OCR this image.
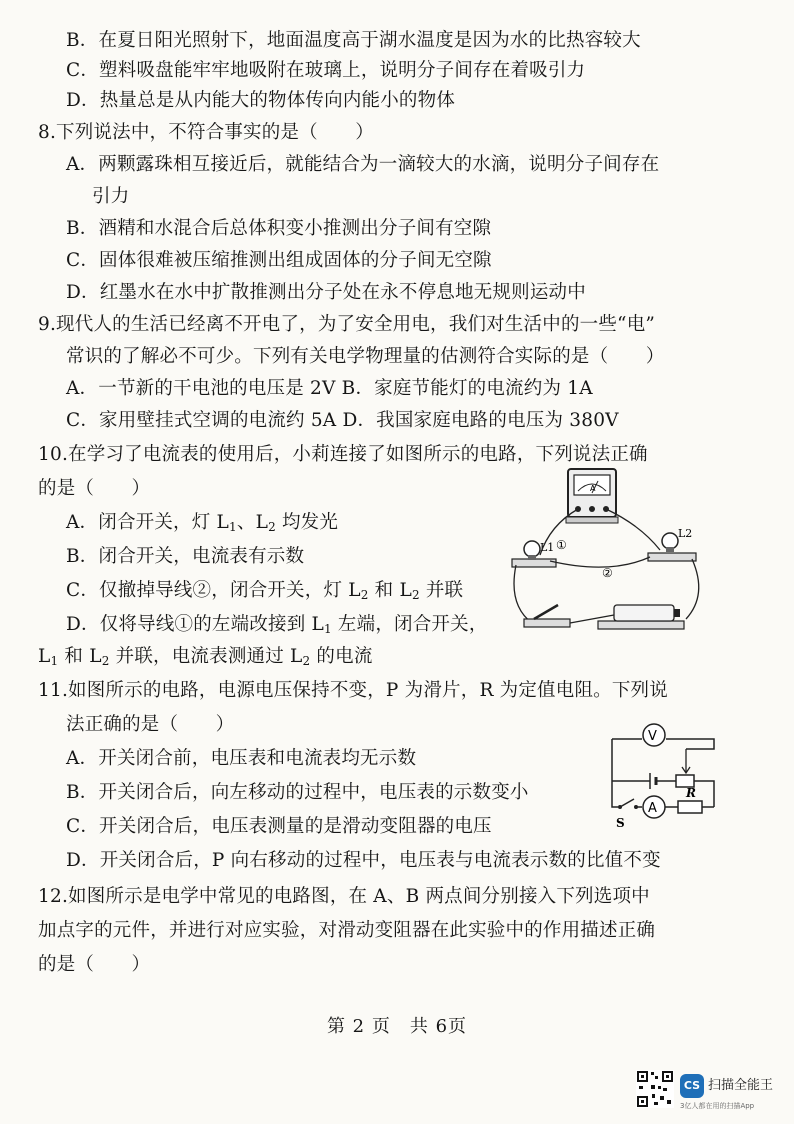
B．在夏日阳光照射下，地面温度高于湖水温度是因为水的比热容较大
C．塑料吸盘能牢牢地吸附在玻璃上，说明分子间存在着吸引力
D．热量总是从内能大的物体传向内能小的物体
8.下列说法中，不符合事实的是（　　）
A．两颗露珠相互接近后，就能结合为一滴较大的水滴，说明分子间存在
引力
B．酒精和水混合后总体积变小推测出分子间有空隙
C．固体很难被压缩推测出组成固体的分子间无空隙
D．红墨水在水中扩散推测出分子处在永不停息地无规则运动中
9.现代人的生活已经离不开电了，为了安全用电，我们对生活中的一些“电”
常识的了解必不可少。下列有关电学物理量的估测符合实际的是（　　）
A．一节新的干电池的电压是 2V B．家庭节能灯的电流约为 1A
C．家用壁挂式空调的电流约 5A D．我国家庭电路的电压为 380V
10.在学习了电流表的使用后，小莉连接了如图所示的电路，下列说法正确
的是（　　）
A．闭合开关，灯 $L_1$、$L_2$ 均发光
B．闭合开关，电流表有示数
C．仅撤掉导线②，闭合开关，灯 $L_2$ 和 $L_2$ 并联
D．仅将导线①的左端改接到 $L_1$ 左端，闭合开关，
$L_1$ 和 $L_2$ 并联，电流表测通过 $L_2$ 的电流
11.如图所示的电路，电源电压保持不变，P 为滑片，R 为定值电阻。下列说
法正确的是（　　）
A．开关闭合前，电压表和电流表均无示数
B．开关闭合后，向左移动的过程中，电压表的示数变小
C．开关闭合后，电压表测量的是滑动变阻器的电压
D．开关闭合后，P 向右移动的过程中，电压表与电流表示数的比值不变
12.如图所示是电学中常见的电路图，在 A、B 两点间分别接入下列选项中
加点字的元件，并进行对应实验，对滑动变阻器在此实验中的作用描述正确
的是（　　）
A
L1
L2
①
②
V
S
A
R
第 2 页　共 6页
CS 扫描全能王
3亿人都在用的扫描App
